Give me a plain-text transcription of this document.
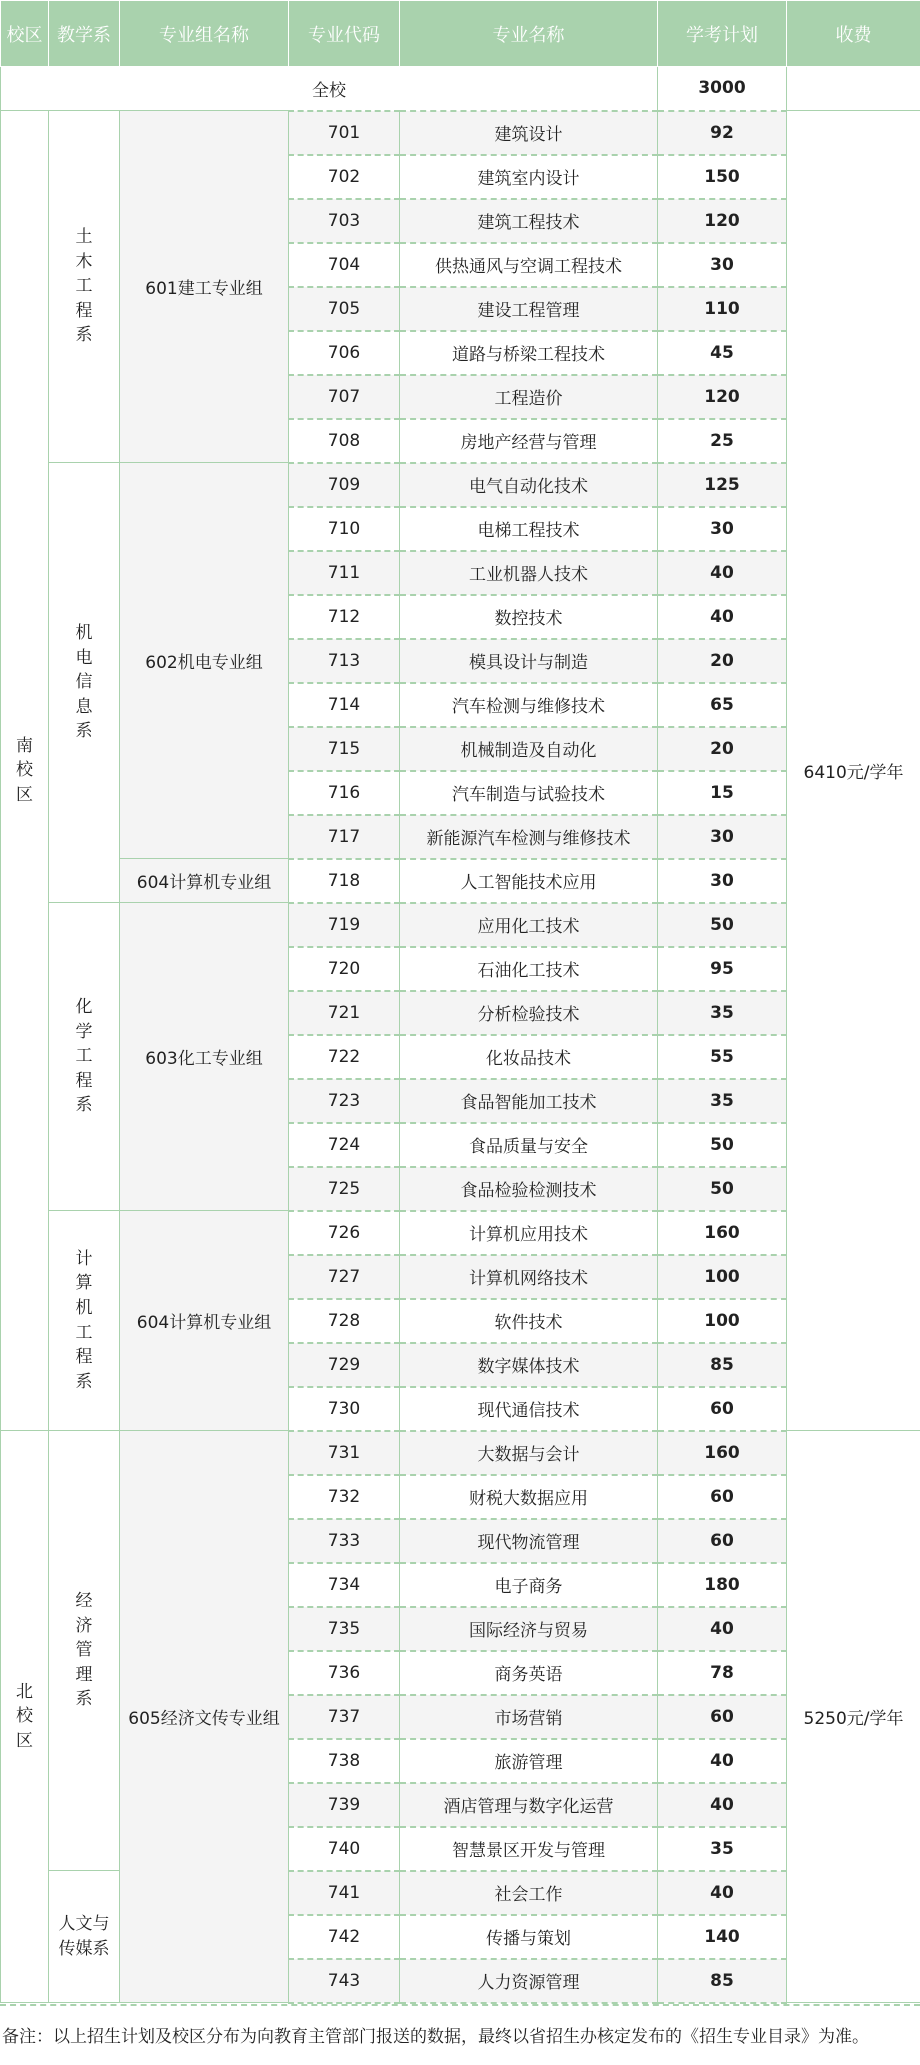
校区	教学系	专业组名称	专业代码	专业名称	学考计划	收费
全校					3000	

南校区	土木工程系	601建工专业组	701	建筑设计	92	6410元/学年
			702	建筑室内设计	150	
			703	建筑工程技术	120	
			704	供热通风与空调工程技术	30	
			705	建设工程管理	110	
			706	道路与桥梁工程技术	45	
			707	工程造价	120	
			708	房地产经营与管理	25	

	机电信息系	602机电专业组	709	电气自动化技术	125	
			710	电梯工程技术	30	
			711	工业机器人技术	40	
			712	数控技术	40	
			713	模具设计与制造	20	
			714	汽车检测与维修技术	65	
			715	机械制造及自动化	20	
			716	汽车制造与试验技术	15	
			717	新能源汽车检测与维修技术	30	
		604计算机专业组	718	人工智能技术应用	30	

	化学工程系	603化工专业组	719	应用化工技术	50	
			720	石油化工技术	95	
			721	分析检验技术	35	
			722	化妆品技术	55	
			723	食品智能加工技术	35	
			724	食品质量与安全	50	
			725	食品检验检测技术	50	

	计算机工程系	604计算机专业组	726	计算机应用技术	160	
			727	计算机网络技术	100	
			728	软件技术	100	
			729	数字媒体技术	85	
			730	现代通信技术	60	

北校区	经济管理系	605经济文传专业组	731	大数据与会计	160	5250元/学年
			732	财税大数据应用	60	
			733	现代物流管理	60	
			734	电子商务	180	
			735	国际经济与贸易	40	
			736	商务英语	78	
			737	市场营销	60	
			738	旅游管理	40	
			739	酒店管理与数字化运营	40	
			740	智慧景区开发与管理	35	

	人文与传媒系		741	社会工作	40	
			742	传播与策划	140	
			743	人力资源管理	85	
备注：以上招生计划及校区分布为向教育主管部门报送的数据，最终以省招生办核定发布的《招生专业目录》为准。
